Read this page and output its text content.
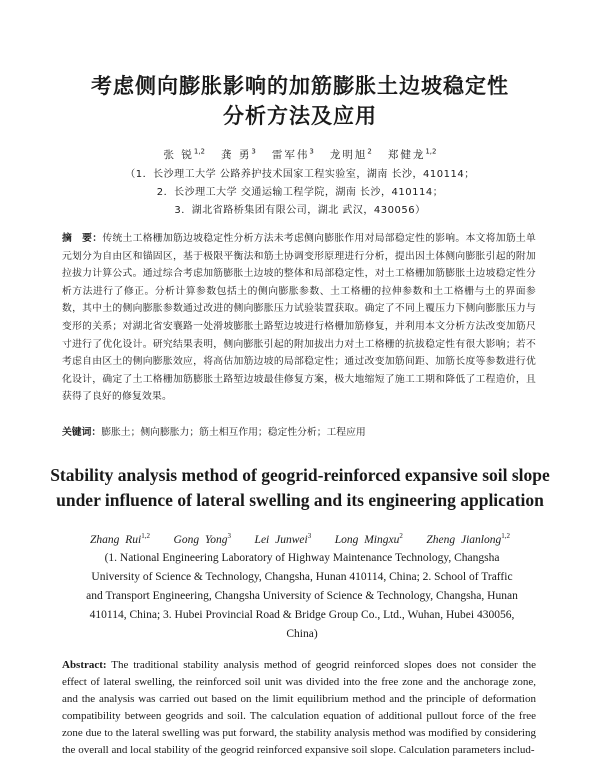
考虑侧向膨胀影响的加筋膨胀土边坡稳定性
分析方法及应用
张 锐$^{1,2}$ 龚 勇$^3$ 雷军伟$^3$ 龙明旭$^2$ 郑健龙$^{1,2}$
（1．长沙理工大学 公路养护技术国家工程实验室，湖南 长沙，410114；
2．长沙理工大学 交通运输工程学院，湖南 长沙，410114；
3．湖北省路桥集团有限公司，湖北 武汉，430056）
摘　要：传统土工格栅加筋边坡稳定性分析方法未考虑侧向膨胀作用对局部稳定性的影响。本文将加筋土单元划分为自由区和锚固区，基于极限平衡法和筋土协调变形原理进行分析，提出因土体侧向膨胀引起的附加拉拔力计算公式。通过综合考虑加筋膨胀土边坡的整体和局部稳定性，对土工格栅加筋膨胀土边坡稳定性分析方法进行了修正。分析计算参数包括土的侧向膨胀参数、土工格栅的拉伸参数和土工格栅与土的界面参数，其中土的侧向膨胀参数通过改进的侧向膨胀压力试验装置获取。确定了不同上覆压力下侧向膨胀压力与变形的关系；对湖北省安襄路一处滑坡膨胀土路堑边坡进行格栅加筋修复，并利用本文分析方法改变加筋尺寸进行了优化设计。研究结果表明，侧向膨胀引起的附加拔出力对土工格栅的抗拔稳定性有很大影响；若不考虑自由区土的侧向膨胀效应，将高估加筋边坡的局部稳定性；通过改变加筋间距、加筋长度等参数进行优化设计，确定了土工格栅加筋膨胀土路堑边坡最佳修复方案，极大地缩短了施工工期和降低了工程造价，且获得了良好的修复效果。
关键词：膨胀土；侧向膨胀力；筋土相互作用；稳定性分析；工程应用
Stability analysis method of geogrid-reinforced expansive soil slope
under influence of lateral swelling and its engineering application
Zhang Rui$^{1,2}$ Gong Yong$^3$ Lei Junwei$^3$ Long Mingxu$^2$ Zheng Jianlong$^{1,2}$
(1. National Engineering Laboratory of Highway Maintenance Technology, Changsha University of Science & Technology, Changsha, Hunan 410114, China; 2. School of Traffic and Transport Engineering, Changsha University of Science & Technology, Changsha, Hunan 410114, China; 3. Hubei Provincial Road & Bridge Group Co., Ltd., Wuhan, Hubei 430056, China)
Abstract: The traditional stability analysis method of geogrid reinforced slopes does not consider the effect of lateral swelling, the reinforced soil unit was divided into the free zone and the anchorage zone, and the analysis was carried out based on the limit equilibrium method and the principle of deformation compatibility between geogrids and soil. The calculation equation of additional pullout force of the free zone due to the lateral swelling was put forward, the stability analysis method was modified by considering the overall and local stability of the geogrid reinforced expansive soil slope. Calculation parameters includ-
